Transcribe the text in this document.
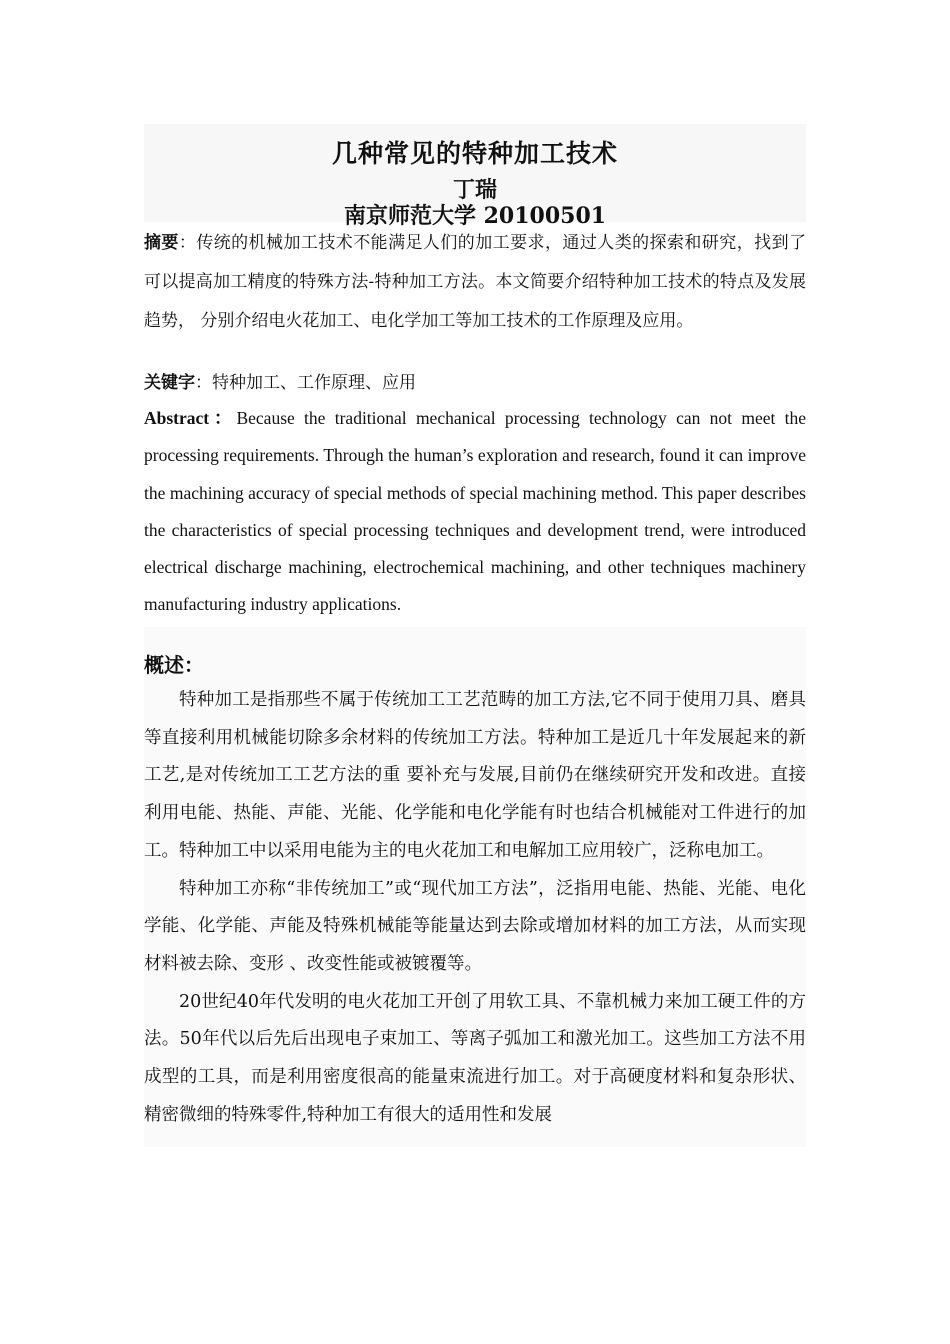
几种常见的特种加工技术
丁瑞
南京师范大学 20100501
摘要：传统的机械加工技术不能满足人们的加工要求，通过人类的探索和研究，找到了可以提高加工精度的特殊方法-特种加工方法。本文简要介绍特种加工技术的特点及发展趋势， 分别介绍电火花加工、电化学加工等加工技术的工作原理及应用。
关键字：特种加工、工作原理、应用
Abstract：Because the traditional mechanical processing technology can not meet the processing requirements. Through the human’s exploration and research, found it can improve the machining accuracy of special methods of special machining method. This paper describes the characteristics of special processing techniques and development trend, were introduced electrical discharge machining, electrochemical machining, and other techniques machinery manufacturing industry applications.
概述：

特种加工是指那些不属于传统加工工艺范畴的加工方法,它不同于使用刀具、磨具等直接利用机械能切除多余材料的传统加工方法。特种加工是近几十年发展起来的新工艺,是对传统加工工艺方法的重 要补充与发展,目前仍在继续研究开发和改进。直接利用电能、热能、声能、光能、化学能和电化学能有时也结合机械能对工件进行的加工。特种加工中以采用电能为主的电火花加工和电解加工应用较广，泛称电加工。

特种加工亦称“非传统加工”或“现代加工方法”，泛指用电能、热能、光能、电化学能、化学能、声能及特殊机械能等能量达到去除或增加材料的加工方法，从而实现材料被去除、变形 、改变性能或被镀覆等。

20世纪40年代发明的电火花加工开创了用软工具、不靠机械力来加工硬工件的方法。50年代以后先后出现电子束加工、等离子弧加工和激光加工。这些加工方法不用成型的工具，而是利用密度很高的能量束流进行加工。对于高硬度材料和复杂形状、精密微细的特殊零件,特种加工有很大的适用性和发展
